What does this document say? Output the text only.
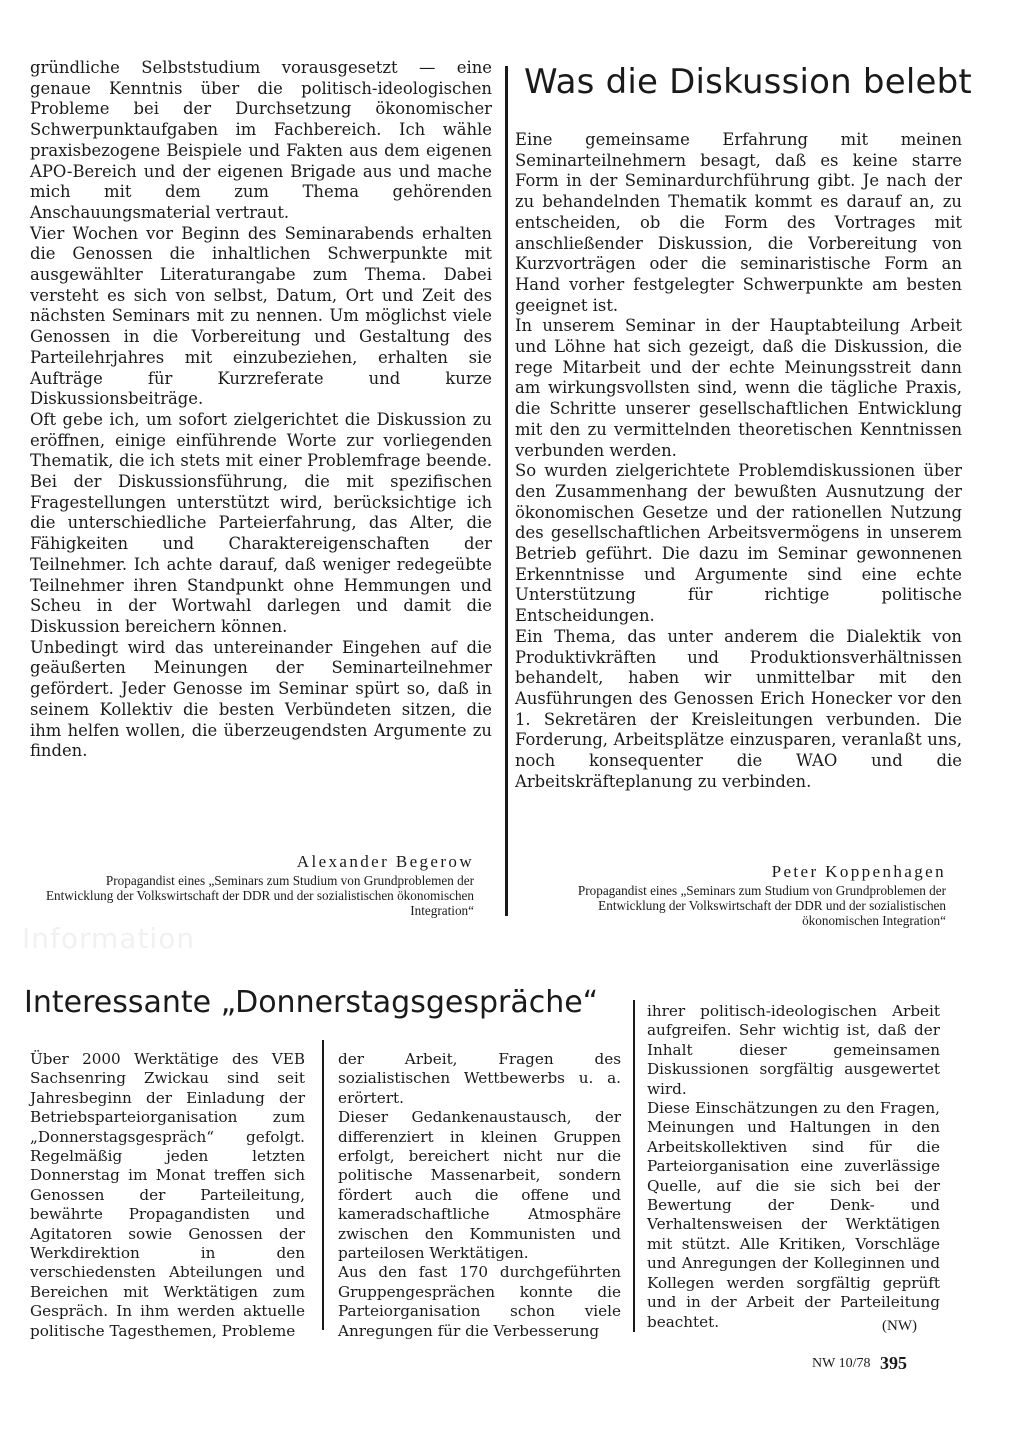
gründliche Selbststudium vorausgesetzt — eine genaue Kenntnis über die politisch-ideologischen Probleme bei der Durchsetzung ökonomischer Schwerpunktaufgaben im Fachbereich. Ich wähle praxisbezogene Beispiele und Fakten aus dem eigenen APO-Bereich und der eigenen Brigade aus und mache mich mit dem zum Thema gehörenden Anschauungsmaterial vertraut.

Vier Wochen vor Beginn des Seminarabends erhalten die Genossen die inhaltlichen Schwerpunkte mit ausgewählter Literaturangabe zum Thema. Dabei versteht es sich von selbst, Datum, Ort und Zeit des nächsten Seminars mit zu nennen. Um möglichst viele Genossen in die Vorbereitung und Gestaltung des Parteilehrjahres mit einzubeziehen, erhalten sie Aufträge für Kurzreferate und kurze Diskussionsbeiträge.

Oft gebe ich, um sofort zielgerichtet die Diskussion zu eröffnen, einige einführende Worte zur vorliegenden Thematik, die ich stets mit einer Problemfrage beende. Bei der Diskussionsführung, die mit spezifischen Fragestellungen unterstützt wird, berücksichtige ich die unterschiedliche Parteierfahrung, das Alter, die Fähigkeiten und Charaktereigenschaften der Teilnehmer. Ich achte darauf, daß weniger redegeübte Teilnehmer ihren Standpunkt ohne Hemmungen und Scheu in der Wortwahl darlegen und damit die Diskussion bereichern können.

Unbedingt wird das untereinander Eingehen auf die geäußerten Meinungen der Seminarteilnehmer gefördert. Jeder Genosse im Seminar spürt so, daß in seinem Kollektiv die besten Verbündeten sitzen, die ihm helfen wollen, die überzeugendsten Argumente zu finden.

Alexander Begerow
Propagandist eines „Seminars zum Studium von Grundproblemen der Entwicklung der Volkswirtschaft der DDR und der sozialistischen ökonomischen Integration“
Was die Diskussion belebt

Eine gemeinsame Erfahrung mit meinen Seminarteilnehmern besagt, daß es keine starre Form in der Seminardurchführung gibt. Je nach der zu behandelnden Thematik kommt es darauf an, zu entscheiden, ob die Form des Vortrages mit anschließender Diskussion, die Vorbereitung von Kurzvorträgen oder die seminaristische Form an Hand vorher festgelegter Schwerpunkte am besten geeignet ist.

In unserem Seminar in der Hauptabteilung Arbeit und Löhne hat sich gezeigt, daß die Diskussion, die rege Mitarbeit und der echte Meinungsstreit dann am wirkungsvollsten sind, wenn die tägliche Praxis, die Schritte unserer gesellschaftlichen Entwicklung mit den zu vermittelnden theoretischen Kenntnissen verbunden werden.

So wurden zielgerichtete Problemdiskussionen über den Zusammenhang der bewußten Ausnutzung der ökonomischen Gesetze und der rationellen Nutzung des gesellschaftlichen Arbeitsvermögens in unserem Betrieb geführt. Die dazu im Seminar gewonnenen Erkenntnisse und Argumente sind eine echte Unterstützung für richtige politische Entscheidungen.

Ein Thema, das unter anderem die Dialektik von Produktivkräften und Produktionsverhältnissen behandelt, haben wir unmittelbar mit den Ausführungen des Genossen Erich Honecker vor den 1. Sekretären der Kreisleitungen verbunden. Die Forderung, Arbeitsplätze einzusparen, veranlaßt uns, noch konsequenter die WAO und die Arbeitskräfteplanung zu verbinden.

Peter Koppenhagen
Propagandist eines „Seminars zum Studium von Grundproblemen der Entwicklung der Volkswirtschaft der DDR und der sozialistischen ökonomischen Integration“

Information

Interessante „Donnerstagsgespräche“

Über 2000 Werktätige des VEB Sachsenring Zwickau sind seit Jahresbeginn der Einladung der Betriebsparteiorganisation zum „Donnerstagsgespräch“ gefolgt. Regelmäßig jeden letzten Donnerstag im Monat treffen sich Genossen der Parteileitung, bewährte Propagandisten und Agitatoren sowie Genossen der Werkdirektion in den verschiedensten Abteilungen und Bereichen mit Werktätigen zum Gespräch. In ihm werden aktuelle politische Tagesthemen, Probleme

der Arbeit, Fragen des sozialistischen Wettbewerbs u. a. erörtert.

Dieser Gedankenaustausch, der differenziert in kleinen Gruppen erfolgt, bereichert nicht nur die politische Massenarbeit, sondern fördert auch die offene und kameradschaftliche Atmosphäre zwischen den Kommunisten und parteilosen Werktätigen.

Aus den fast 170 durchgeführten Gruppengesprächen konnte die Parteiorganisation schon viele Anregungen für die Verbesserung

ihrer politisch-ideologischen Arbeit aufgreifen. Sehr wichtig ist, daß der Inhalt dieser gemeinsamen Diskussionen sorgfältig ausgewertet wird.

Diese Einschätzungen zu den Fragen, Meinungen und Haltungen in den Arbeitskollektiven sind für die Parteiorganisation eine zuverlässige Quelle, auf die sie sich bei der Bewertung der Denk- und Verhaltensweisen der Werktätigen mit stützt. Alle Kritiken, Vorschläge und Anregungen der Kolleginnen und Kollegen werden sorgfältig geprüft und in der Arbeit der Parteileitung beachtet.	(NW)

NW 10/78 395
